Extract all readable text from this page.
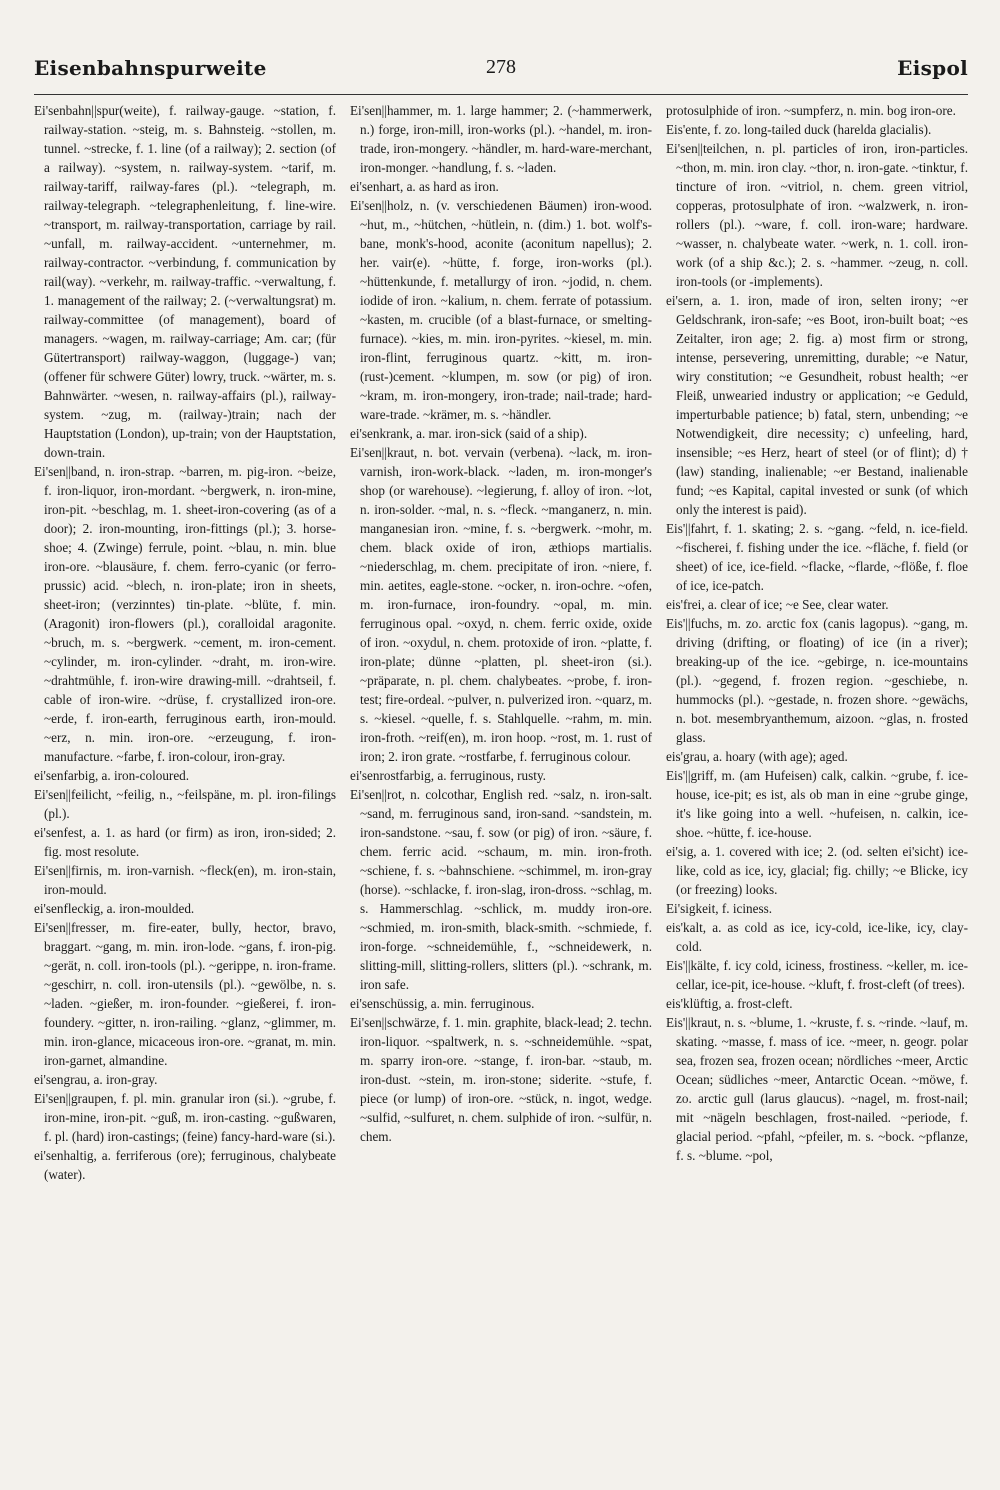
Eisenbahnspurweite	278	Eispol

Ei'senbahn||spur(weite), f. railway-gauge. ~station, f. railway-station. ~steig, m. s. Bahnsteig. ~stollen, m. tunnel. ~strecke, f. 1. line (of a railway); 2. section (of a railway). ~system, n. railway-system. ~tarif, m. railway-tariff, railway-fares (pl.). ~telegraph, m. railway-telegraph. ~telegraphenleitung, f. line-wire. ~transport, m. railway-transportation, carriage by rail. ~unfall, m. railway-accident. ~unternehmer, m. railway-contractor. ~verbindung, f. communication by rail(way). ~verkehr, m. railway-traffic. ~verwaltung, f. 1. management of the railway; 2. (~verwaltungsrat) m. railway-committee (of management), board of managers. ~wagen, m. railway-carriage; Am. car; (für Gütertransport) railway-waggon, (luggage-) van; (offener für schwere Güter) lowry, truck. ~wärter, m. s. Bahnwärter. ~wesen, n. railway-affairs (pl.), railway-system. ~zug, m. (railway-)train; nach der Hauptstation (London), up-train; von der Hauptstation, down-train.

Ei'sen||band, n. iron-strap. ~barren, m. pig-iron. ~beize, f. iron-liquor, iron-mordant. ~bergwerk, n. iron-mine, iron-pit. ~beschlag, m. 1. sheet-iron-covering (as of a door); 2. iron-mounting, iron-fittings (pl.); 3. horse-shoe; 4. (Zwinge) ferrule, point. ~blau, n. min. blue iron-ore. ~blausäure, f. chem. ferro-cyanic (or ferro-prussic) acid. ~blech, n. iron-plate; iron in sheets, sheet-iron; (verzinntes) tin-plate. ~blüte, f. min. (Aragonit) iron-flowers (pl.), coralloidal aragonite. ~bruch, m. s. ~bergwerk. ~cement, m. iron-cement. ~cylinder, m. iron-cylinder. ~draht, m. iron-wire. ~drahtmühle, f. iron-wire drawing-mill. ~drahtseil, f. cable of iron-wire. ~drüse, f. crystallized iron-ore. ~erde, f. iron-earth, ferruginous earth, iron-mould. ~erz, n. min. iron-ore. ~erzeugung, f. iron-manufacture. ~farbe, f. iron-colour, iron-gray.

ei'senfarbig, a. iron-coloured.

Ei'sen||feilicht, ~feilig, n., ~feilspäne, m. pl. iron-filings (pl.).

ei'senfest, a. 1. as hard (or firm) as iron, iron-sided; 2. fig. most resolute.

Ei'sen||firnis, m. iron-varnish. ~fleck(en), m. iron-stain, iron-mould.

ei'senfleckig, a. iron-moulded.

Ei'sen||fresser, m. fire-eater, bully, hector, bravo, braggart. ~gang, m. min. iron-lode. ~gans, f. iron-pig. ~gerät, n. coll. iron-tools (pl.). ~gerippe, n. iron-frame. ~geschirr, n. coll. iron-utensils (pl.). ~gewölbe, n. s. ~laden. ~gießer, m. iron-founder. ~gießerei, f. iron-foundery. ~gitter, n. iron-railing. ~glanz, ~glimmer, m. min. iron-glance, micaceous iron-ore. ~granat, m. min. iron-garnet, almandine.

ei'sengrau, a. iron-gray.

Ei'sen||graupen, f. pl. min. granular iron (si.). ~grube, f. iron-mine, iron-pit. ~guß, m. iron-casting. ~gußwaren, f. pl. (hard) iron-castings; (feine) fancy-hard-ware (si.).

ei'senhaltig, a. ferriferous (ore); ferruginous, chalybeate (water).

Ei'sen||hammer, m. 1. large hammer; 2. (~hammerwerk, n.) forge, iron-mill, iron-works (pl.). ~handel, m. iron-trade, iron-mongery. ~händler, m. hard-ware-merchant, iron-monger. ~handlung, f. s. ~laden.

ei'senhart, a. as hard as iron.

Ei'sen||holz, n. (v. verschiedenen Bäumen) iron-wood. ~hut, m., ~hütchen, ~hütlein, n. (dim.) 1. bot. wolf's-bane, monk's-hood, aconite (aconitum napellus); 2. her. vair(e). ~hütte, f. forge, iron-works (pl.). ~hüttenkunde, f. metallurgy of iron. ~jodid, n. chem. iodide of iron. ~kalium, n. chem. ferrate of potassium. ~kasten, m. crucible (of a blast-furnace, or smelting-furnace). ~kies, m. min. iron-pyrites. ~kiesel, m. min. iron-flint, ferruginous quartz. ~kitt, m. iron-(rust-)cement. ~klumpen, m. sow (or pig) of iron. ~kram, m. iron-mongery, iron-trade; nail-trade; hard-ware-trade. ~krämer, m. s. ~händler.

ei'senkrank, a. mar. iron-sick (said of a ship).

Ei'sen||kraut, n. bot. vervain (verbena). ~lack, m. iron-varnish, iron-work-black. ~laden, m. iron-monger's shop (or warehouse). ~legierung, f. alloy of iron. ~lot, n. iron-solder. ~mal, n. s. ~fleck. ~manganerz, n. min. manganesian iron. ~mine, f. s. ~bergwerk. ~mohr, m. chem. black oxide of iron, æthiops martialis. ~niederschlag, m. chem. precipitate of iron. ~niere, f. min. aetites, eagle-stone. ~ocker, n. iron-ochre. ~ofen, m. iron-furnace, iron-foundry. ~opal, m. min. ferruginous opal. ~oxyd, n. chem. ferric oxide, oxide of iron. ~oxydul, n. chem. protoxide of iron. ~platte, f. iron-plate; dünne ~platten, pl. sheet-iron (si.). ~präparate, n. pl. chem. chalybeates. ~probe, f. iron-test; fire-ordeal. ~pulver, n. pulverized iron. ~quarz, m. s. ~kiesel. ~quelle, f. s. Stahlquelle. ~rahm, m. min. iron-froth. ~reif(en), m. iron hoop. ~rost, m. 1. rust of iron; 2. iron grate. ~rostfarbe, f. ferruginous colour.

ei'senrostfarbig, a. ferruginous, rusty.

Ei'sen||rot, n. colcothar, English red. ~salz, n. iron-salt. ~sand, m. ferruginous sand, iron-sand. ~sandstein, m. iron-sandstone. ~sau, f. sow (or pig) of iron. ~säure, f. chem. ferric acid. ~schaum, m. min. iron-froth. ~schiene, f. s. ~bahnschiene. ~schimmel, m. iron-gray (horse). ~schlacke, f. iron-slag, iron-dross. ~schlag, m. s. Hammerschlag. ~schlick, m. muddy iron-ore. ~schmied, m. iron-smith, black-smith. ~schmiede, f. iron-forge. ~schneidemühle, f., ~schneidewerk, n. slitting-mill, slitting-rollers, slitters (pl.). ~schrank, m. iron safe.

ei'senschüssig, a. min. ferruginous.

Ei'sen||schwärze, f. 1. min. graphite, black-lead; 2. techn. iron-liquor. ~spaltwerk, n. s. ~schneidemühle. ~spat, m. sparry iron-ore. ~stange, f. iron-bar. ~staub, m. iron-dust. ~stein, m. iron-stone; siderite. ~stufe, f. piece (or lump) of iron-ore. ~stück, n. ingot, wedge. ~sulfid, ~sulfuret, n. chem. sulphide of iron. ~sulfür, n. chem.

protosulphide of iron. ~sumpferz, n. min. bog iron-ore.

Eis'ente, f. zo. long-tailed duck (harelda glacialis).

Ei'sen||teilchen, n. pl. particles of iron, iron-particles. ~thon, m. min. iron clay. ~thor, n. iron-gate. ~tinktur, f. tincture of iron. ~vitriol, n. chem. green vitriol, copperas, protosulphate of iron. ~walzwerk, n. iron-rollers (pl.). ~ware, f. coll. iron-ware; hardware. ~wasser, n. chalybeate water. ~werk, n. 1. coll. iron-work (of a ship &c.); 2. s. ~hammer. ~zeug, n. coll. iron-tools (or -implements).

ei'sern, a. 1. iron, made of iron, selten irony; ~er Geldschrank, iron-safe; ~es Boot, iron-built boat; ~es Zeitalter, iron age; 2. fig. a) most firm or strong, intense, persevering, unremitting, durable; ~e Natur, wiry constitution; ~e Gesundheit, robust health; ~er Fleiß, unwearied industry or application; ~e Geduld, imperturbable patience; b) fatal, stern, unbending; ~e Notwendigkeit, dire necessity; c) unfeeling, hard, insensible; ~es Herz, heart of steel (or of flint); d) † (law) standing, inalienable; ~er Bestand, inalienable fund; ~es Kapital, capital invested or sunk (of which only the interest is paid).

Eis'||fahrt, f. 1. skating; 2. s. ~gang. ~feld, n. ice-field. ~fischerei, f. fishing under the ice. ~fläche, f. field (or sheet) of ice, ice-field. ~flacke, ~flarde, ~flöße, f. floe of ice, ice-patch.

eis'frei, a. clear of ice; ~e See, clear water.

Eis'||fuchs, m. zo. arctic fox (canis lagopus). ~gang, m. driving (drifting, or floating) of ice (in a river); breaking-up of the ice. ~gebirge, n. ice-mountains (pl.). ~gegend, f. frozen region. ~geschiebe, n. hummocks (pl.). ~gestade, n. frozen shore. ~gewächs, n. bot. mesembryanthemum, aizoon. ~glas, n. frosted glass.

eis'grau, a. hoary (with age); aged.

Eis'||griff, m. (am Hufeisen) calk, calkin. ~grube, f. ice-house, ice-pit; es ist, als ob man in eine ~grube ginge, it's like going into a well. ~hufeisen, n. calkin, ice-shoe. ~hütte, f. ice-house.

ei'sig, a. 1. covered with ice; 2. (od. selten ei'sicht) ice-like, cold as ice, icy, glacial; fig. chilly; ~e Blicke, icy (or freezing) looks.

Ei'sigkeit, f. iciness.

eis'kalt, a. as cold as ice, icy-cold, ice-like, icy, clay-cold.

Eis'||kälte, f. icy cold, iciness, frostiness. ~keller, m. ice-cellar, ice-pit, ice-house. ~kluft, f. frost-cleft (of trees).

eis'klüftig, a. frost-cleft.

Eis'||kraut, n. s. ~blume, 1. ~kruste, f. s. ~rinde. ~lauf, m. skating. ~masse, f. mass of ice. ~meer, n. geogr. polar sea, frozen sea, frozen ocean; nördliches ~meer, Arctic Ocean; südliches ~meer, Antarctic Ocean. ~möwe, f. zo. arctic gull (larus glaucus). ~nagel, m. frost-nail; mit ~nägeln beschlagen, frost-nailed. ~periode, f. glacial period. ~pfahl, ~pfeiler, m. s. ~bock. ~pflanze, f. s. ~blume. ~pol,
